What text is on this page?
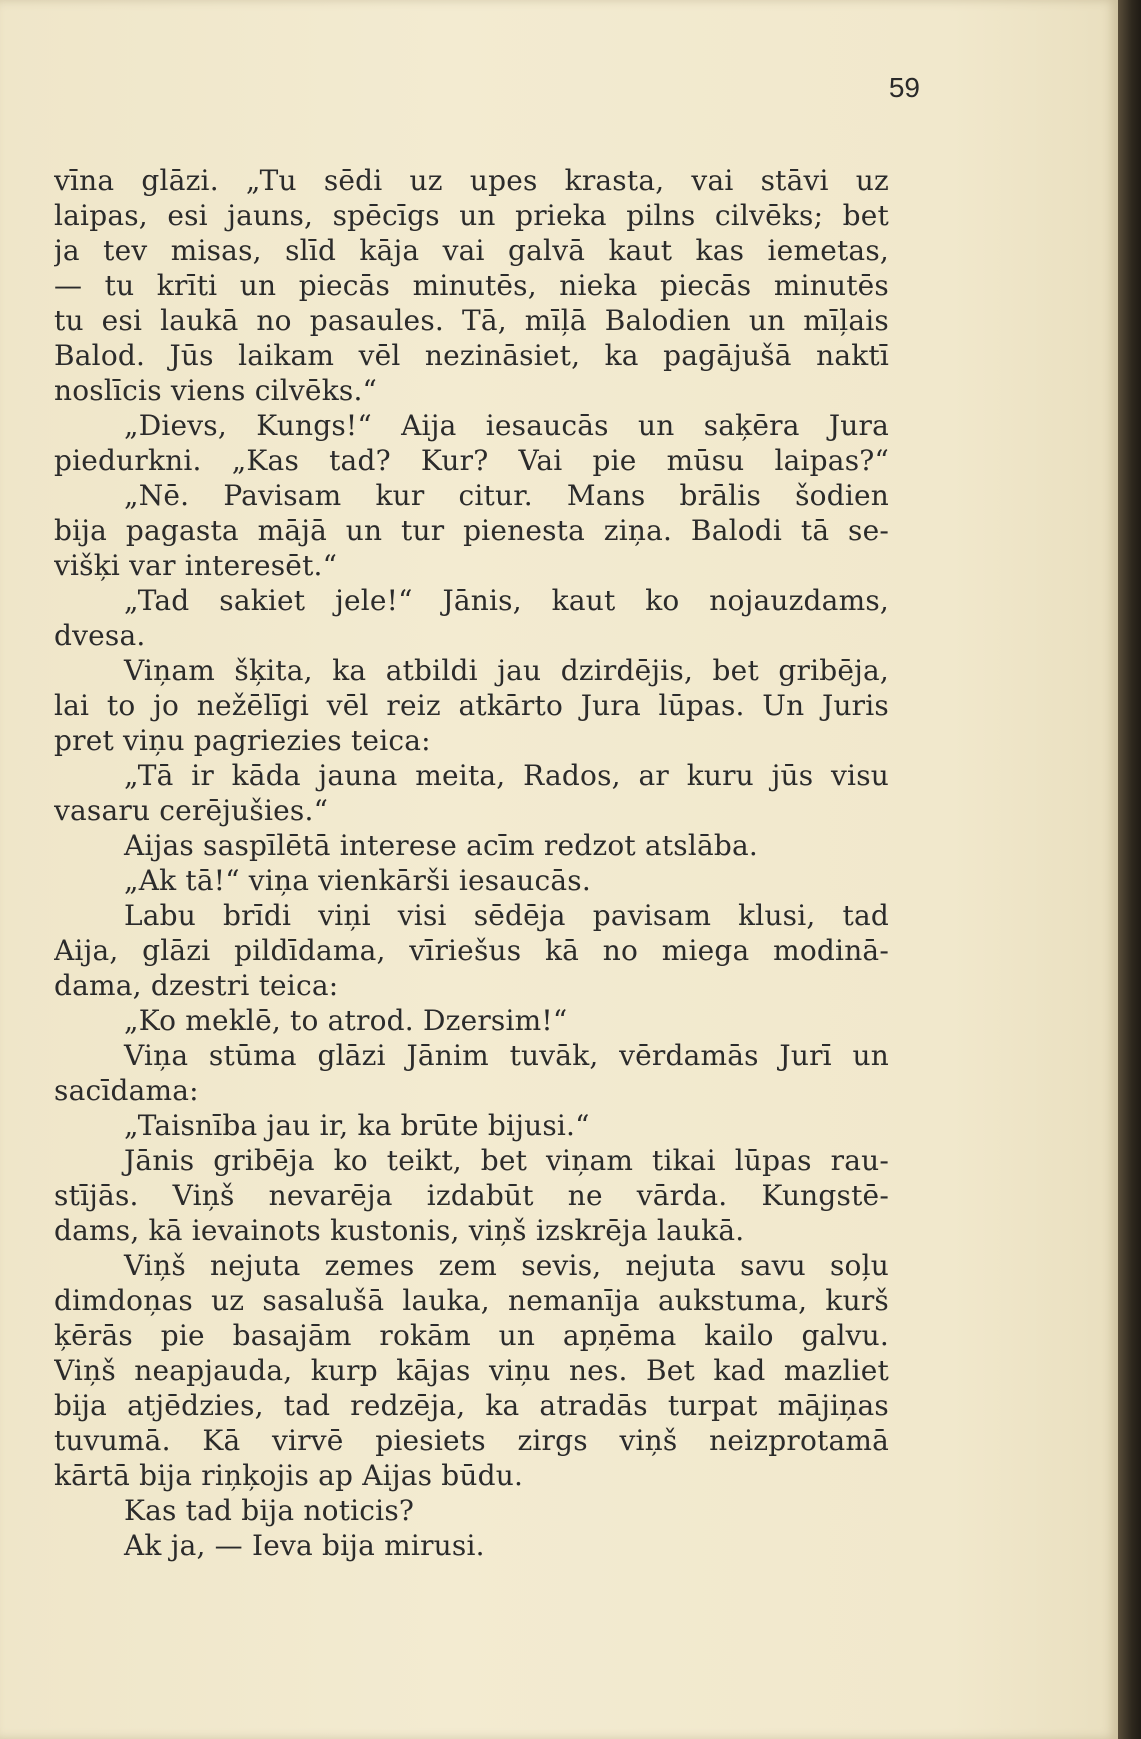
59
vīna glāzi. „Tu sēdi uz upes krasta, vai stāvi uz
laipas, esi jauns, spēcīgs un prieka pilns cilvēks; bet
ja tev misas, slīd kāja vai galvā kaut kas iemetas,
— tu krīti un piecās minutēs, nieka piecās minutēs
tu esi laukā no pasaules. Tā, mīļā Balodien un mīļais
Balod. Jūs laikam vēl nezināsiet, ka pagājušā naktī
noslīcis viens cilvēks.“
„Dievs, Kungs!“ Aija iesaucās un saķēra Jura
piedurkni. „Kas tad? Kur? Vai pie mūsu laipas?“
„Nē. Pavisam kur citur. Mans brālis šodien
bija pagasta mājā un tur pienesta ziņa. Balodi tā se-
višķi var interesēt.“
„Tad sakiet jele!“ Jānis, kaut ko nojauzdams,
dvesa.
Viņam šķita, ka atbildi jau dzirdējis, bet gribēja,
lai to jo nežēlīgi vēl reiz atkārto Jura lūpas. Un Juris
pret viņu pagriezies teica:
„Tā ir kāda jauna meita, Rados, ar kuru jūs visu
vasaru cerējušies.“
Aijas saspīlētā interese acīm redzot atslāba.
„Ak tā!“ viņa vienkārši iesaucās.
Labu brīdi viņi visi sēdēja pavisam klusi, tad
Aija, glāzi pildīdama, vīriešus kā no miega modinā-
dama, dzestri teica:
„Ko meklē, to atrod. Dzersim!“
Viņa stūma glāzi Jānim tuvāk, vērdamās Jurī un
sacīdama:
„Taisnība jau ir, ka brūte bijusi.“
Jānis gribēja ko teikt, bet viņam tikai lūpas rau-
stījās. Viņš nevarēja izdabūt ne vārda. Kungstē-
dams, kā ievainots kustonis, viņš izskrēja laukā.
Viņš nejuta zemes zem sevis, nejuta savu soļu
dimdoņas uz sasalušā lauka, nemanīja aukstuma, kurš
ķērās pie basajām rokām un apņēma kailo galvu.
Viņš neapjauda, kurp kājas viņu nes. Bet kad mazliet
bija atjēdzies, tad redzēja, ka atradās turpat mājiņas
tuvumā. Kā virvē piesiets zirgs viņš neizprotamā
kārtā bija riņķojis ap Aijas būdu.
Kas tad bija noticis?
Ak ja, — Ieva bija mirusi.
